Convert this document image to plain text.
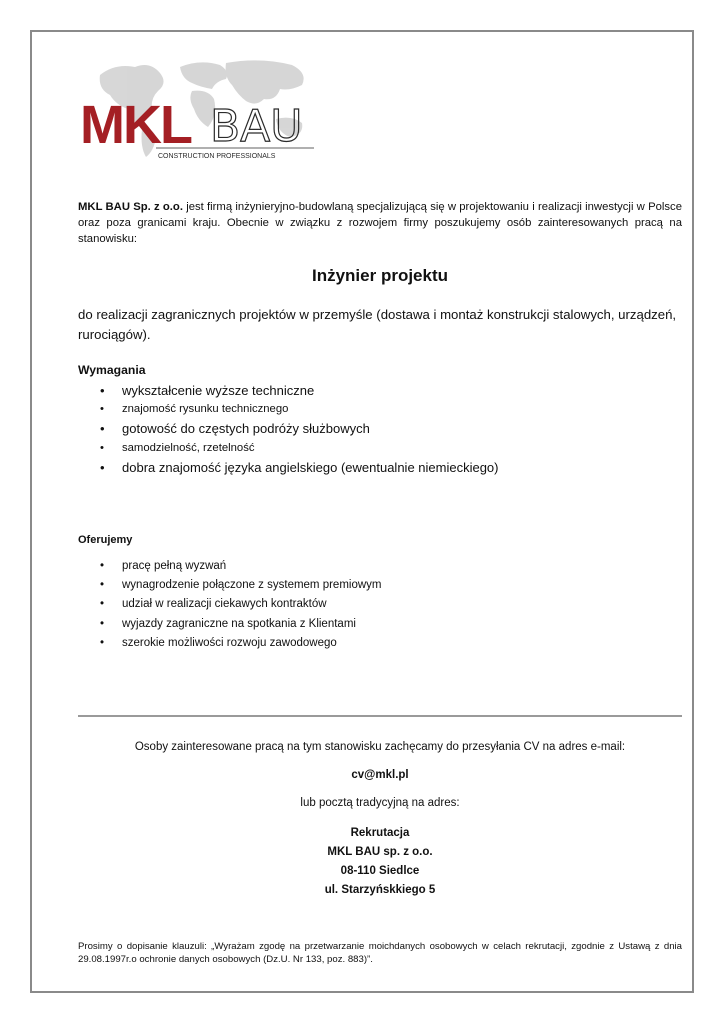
MKL BAU
CONSTRUCTION PROFESSIONALS
MKL BAU Sp. z o.o. jest firmą inżynieryjno-budowlaną specjalizującą się w projektowaniu i realizacji inwestycji w Polsce oraz poza granicami kraju. Obecnie w związku z rozwojem firmy poszukujemy osób zainteresowanych pracą na stanowisku:
Inżynier projektu
do realizacji zagranicznych projektów w przemyśle (dostawa i montaż konstrukcji stalowych, urządzeń, rurociągów).
Wymagania
• wykształcenie wyższe techniczne
• znajomość rysunku technicznego
• gotowość do częstych podróży służbowych
• samodzielność, rzetelność
• dobra znajomość języka angielskiego (ewentualnie niemieckiego)
Oferujemy
• pracę pełną wyzwań
• wynagrodzenie połączone z systemem premiowym
• udział w realizacji ciekawych kontraktów
• wyjazdy zagraniczne na spotkania z Klientami
• szerokie możliwości rozwoju zawodowego
Osoby zainteresowane pracą na tym stanowisku zachęcamy do przesyłania CV na adres e-mail:
cv@mkl.pl
lub pocztą tradycyjną na adres:
Rekrutacja
MKL BAU sp. z o.o.
08-110 Siedlce
ul. Starzyńskkiego 5
Prosimy o dopisanie klauzuli: „Wyrażam zgodę na przetwarzanie moichdanych osobowych w celach rekrutacji, zgodnie z Ustawą z dnia 29.08.1997r.o ochronie danych osobowych (Dz.U. Nr 133, poz. 883)”.
